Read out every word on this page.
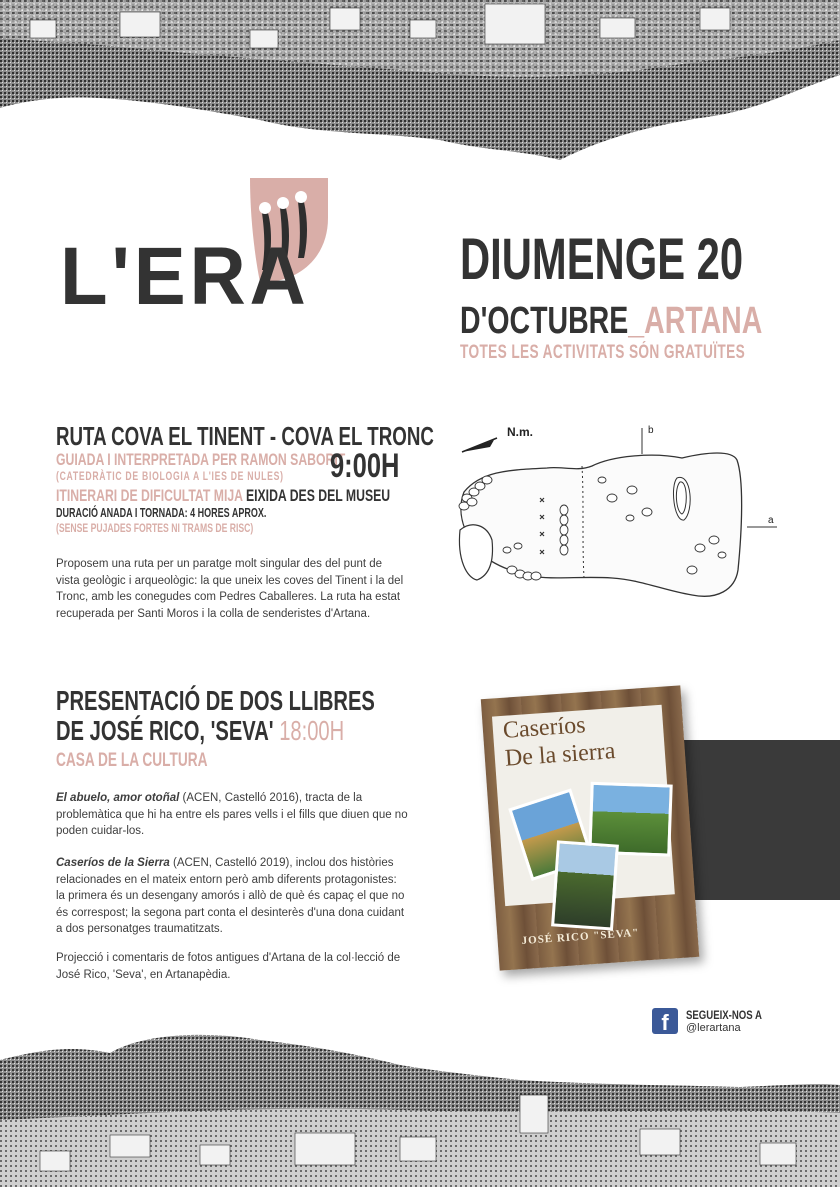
L'ERA	DIUMENGE 20
D'OCTUBRE_ARTANA
TOTES LES ACTIVITATS SÓN GRATUÏTES
RUTA COVA EL TINENT - COVA EL TRONC
GUIADA I INTERPRETADA PER RAMON SABORIT
(CATEDRÀTIC DE BIOLOGIA A L'IES DE NULES) 9:00H
ITINERARI DE DIFICULTAT MIJA EIXIDA DES DEL MUSEU
DURACIÓ ANADA I TORNADA: 4 HORES APROX.
(SENSE PUJADES FORTES NI TRAMS DE RISC)

Proposem una ruta per un paratge molt singular des del punt de vista geològic i arqueològic: la que uneix les coves del Tinent i la del Tronc, amb les conegudes com Pedres Caballeres. La ruta ha estat recuperada per Santi Moros i la colla de senderistes d'Artana.

N.m.	b
a
PRESENTACIÓ DE DOS LLIBRES
DE JOSÉ RICO, 'SEVA' 18:00H
CASA DE LA CULTURA

El abuelo, amor otoñal (ACEN, Castelló 2016), tracta de la problemàtica que hi ha entre els pares vells i el fills que diuen que no poden cuidar-los.

Caseríos de la Sierra (ACEN, Castelló 2019), inclou dos històries relacionades en el mateix entorn però amb diferents protagonistes: la primera és un desengany amorós i allò de què és capaç el que no és correspost; la segona part conta el desinterès d'una dona cuidant a dos personatges traumatitzats.

Projecció i comentaris de fotos antigues d'Artana de la col·lecció de José Rico, 'Seva', en Artanapèdia.

Caseríos
De la sierra
JOSÉ RICO "SEVA"
f	SEGUEIX-NOS A
@lerartana
